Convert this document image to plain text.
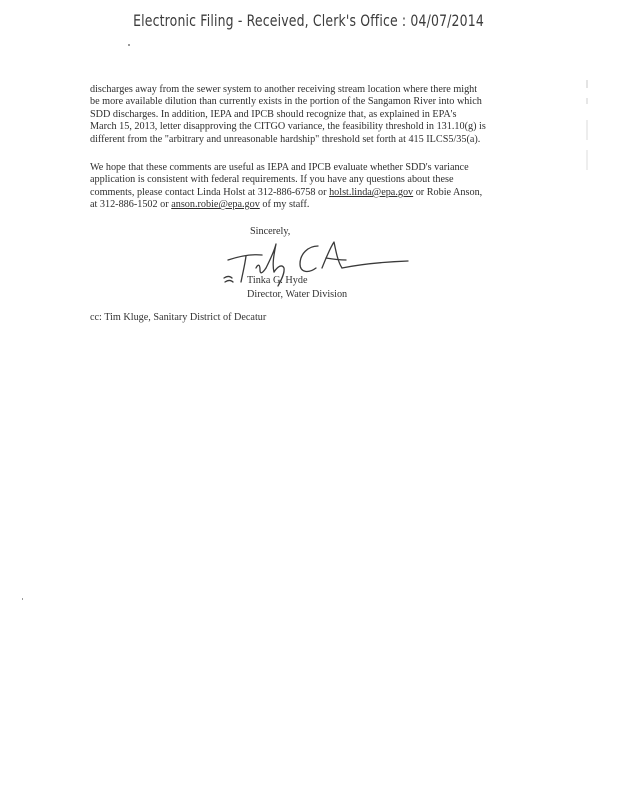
Electronic Filing - Received, Clerk's Office : 04/07/2014
discharges away from the sewer system to another receiving stream location where there might
be more available dilution than currently exists in the portion of the Sangamon River into which
SDD discharges. In addition, IEPA and IPCB should recognize that, as explained in EPA's
March 15, 2013, letter disapproving the CITGO variance, the feasibility threshold in 131.10(g) is
different from the "arbitrary and unreasonable hardship" threshold set forth at 415 ILCS5/35(a).
We hope that these comments are useful as IEPA and IPCB evaluate whether SDD's variance
application is consistent with federal requirements. If you have any questions about these
comments, please contact Linda Holst at 312-886-6758 or holst.linda@epa.gov or Robie Anson,
at 312-886-1502 or anson.robie@epa.gov of my staff.
Sincerely,
Tinka G. Hyde
Director, Water Division
cc: Tim Kluge, Sanitary District of Decatur
